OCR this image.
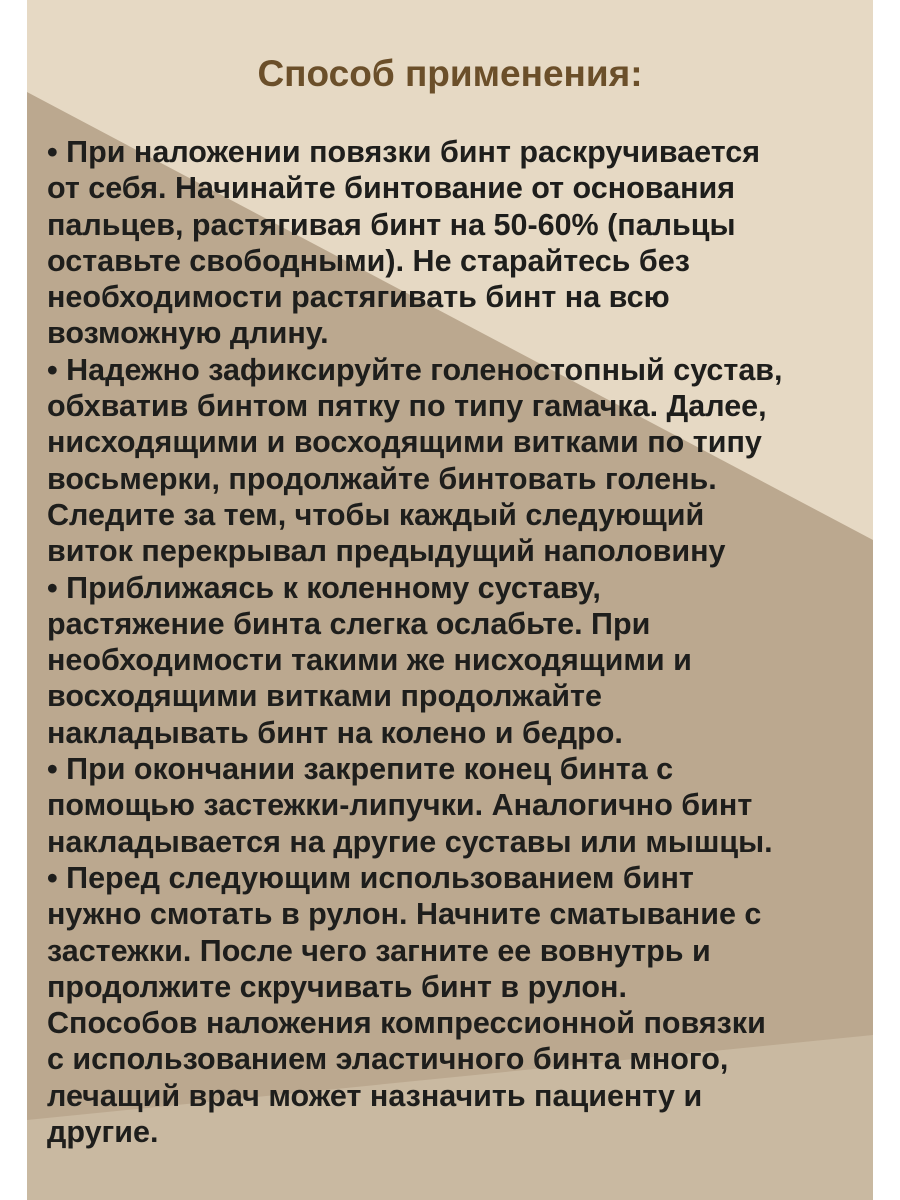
Способ применения:
• При наложении повязки бинт раскручивается
от себя. Начинайте бинтование от основания
пальцев, растягивая бинт на 50-60% (пальцы
оставьте свободными). Не старайтесь без
необходимости растягивать бинт на всю
возможную длину.
• Надежно зафиксируйте голеностопный сустав,
обхватив бинтом пятку по типу гамачка. Далее,
нисходящими и восходящими витками по типу
восьмерки, продолжайте бинтовать голень.
Следите за тем, чтобы каждый следующий
виток перекрывал предыдущий наполовину
• Приближаясь к коленному суставу,
растяжение бинта слегка ослабьте. При
необходимости такими же нисходящими и
восходящими витками продолжайте
накладывать бинт на колено и бедро.
• При окончании закрепите конец бинта с
помощью застежки-липучки. Аналогично бинт
накладывается на другие суставы или мышцы.
• Перед следующим использованием бинт
нужно смотать в рулон. Начните сматывание с
застежки. После чего загните ее вовнутрь и
продолжите скручивать бинт в рулон.
Способов наложения компрессионной повязки
с использованием эластичного бинта много,
лечащий врач может назначить пациенту и
другие.
